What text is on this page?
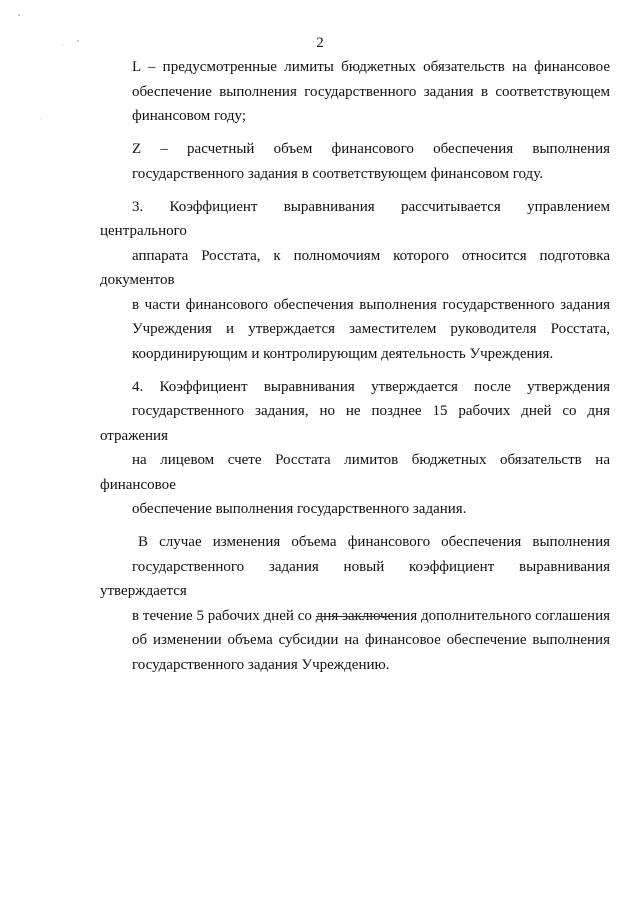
2

L – предусмотренные лимиты бюджетных обязательств на финансовое
обеспечение выполнения государственного задания в соответствующем
финансовом году;

Z – расчетный объем финансового обеспечения выполнения
государственного задания в соответствующем финансовом году.

3. Коэффициент выравнивания рассчитывается управлением центрального
аппарата Росстата, к полномочиям которого относится подготовка документов
в части финансового обеспечения выполнения государственного задания
Учреждения и утверждается заместителем руководителя Росстата,
координирующим и контролирующим деятельность Учреждения.

4. Коэффициент выравнивания утверждается после утверждения
государственного задания, но не позднее 15 рабочих дней со дня отражения
на лицевом счете Росстата лимитов бюджетных обязательств на финансовое
обеспечение выполнения государственного задания.

В случае изменения объема финансового обеспечения выполнения
государственного задания новый коэффициент выравнивания утверждается
в течение 5 рабочих дней со дня заключения дополнительного соглашения
об изменении объема субсидии на финансовое обеспечение выполнения
государственного задания Учреждению.
